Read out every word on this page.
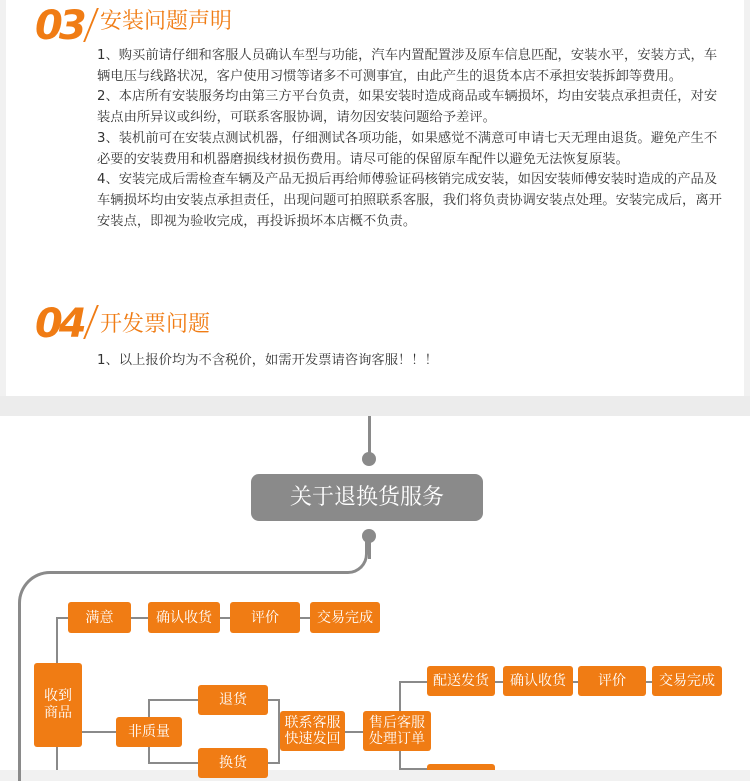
03 安装问题声明

1、购买前请仔细和客服人员确认车型与功能，汽车内置配置涉及原车信息匹配，安装水平，安装方式，车辆电压与线路状况，客户使用习惯等诸多不可测事宜，由此产生的退货本店不承担安装拆卸等费用。

2、本店所有安装服务均由第三方平台负责，如果安装时造成商品或车辆损坏，均由安装点承担责任，对安装点由所异议或纠纷，可联系客服协调，请勿因安装问题给予差评。

3、装机前可在安装点测试机器，仔细测试各项功能，如果感觉不满意可申请七天无理由退货。避免产生不必要的安装费用和机器磨损线材损伤费用。请尽可能的保留原车配件以避免无法恢复原装。

4、安装完成后需检查车辆及产品无损后再给师傅验证码核销完成安装，如因安装师傅安装时造成的产品及车辆损坏均由安装点承担责任，出现问题可拍照联系客服，我们将负责协调安装点处理。安装完成后，离开安装点，即视为验收完成，再投诉损坏本店概不负责。

04 开发票问题

1、以上报价均为不含税价，如需开发票请咨询客服！！！

关于退换货服务
满意	确认收货	评价	交易完成
收到
商品
非质量
退货
换货
联系客服
快速发回
售后客服
处理订单
配送发货	确认收货	评价	交易完成
